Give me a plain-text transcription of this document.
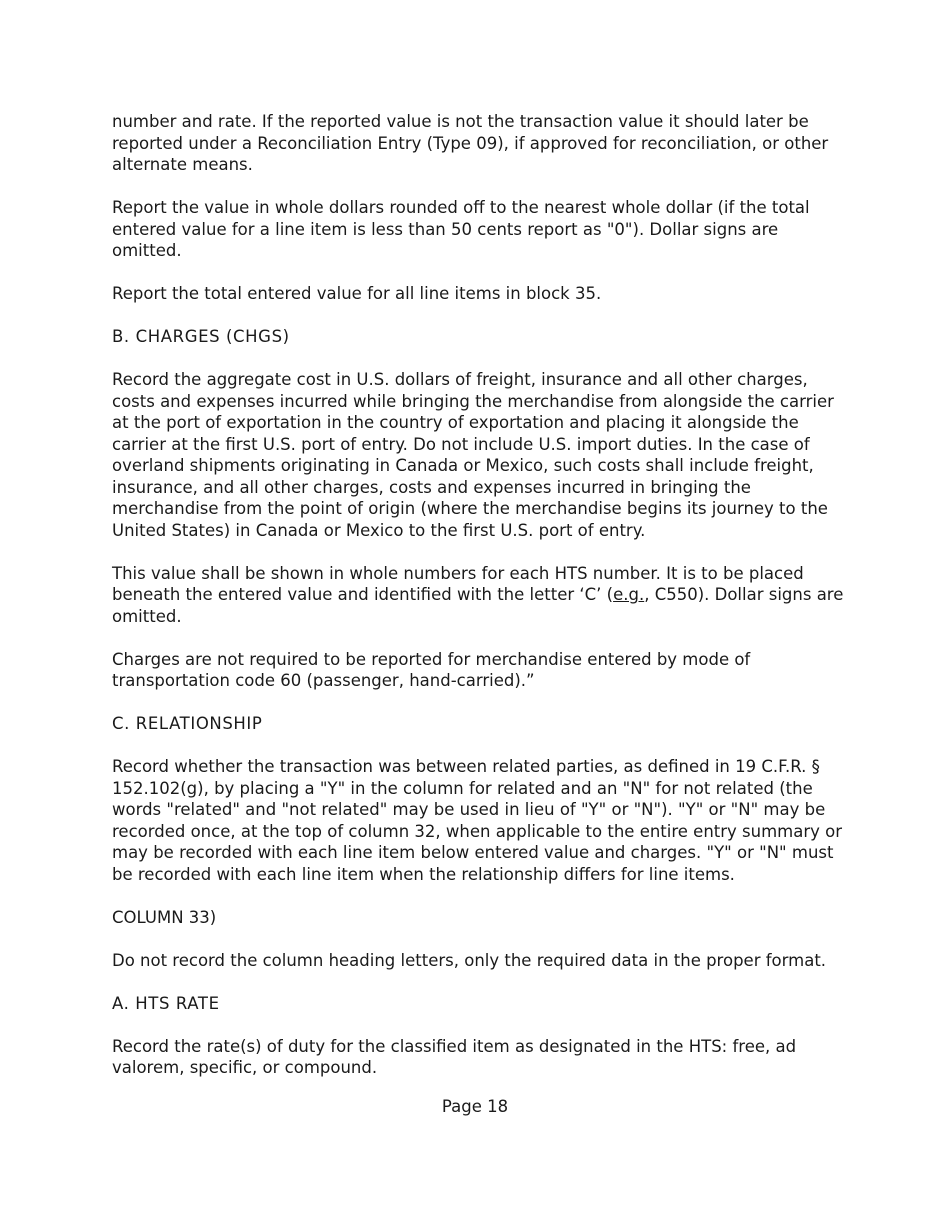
number and rate. If the reported value is not the transaction value it should later be reported under a Reconciliation Entry (Type 09), if approved for reconciliation, or other alternate means.

Report the value in whole dollars rounded off to the nearest whole dollar (if the total entered value for a line item is less than 50 cents report as "0"). Dollar signs are omitted.

Report the total entered value for all line items in block 35.

B. CHARGES (CHGS)

Record the aggregate cost in U.S. dollars of freight, insurance and all other charges, costs and expenses incurred while bringing the merchandise from alongside the carrier at the port of exportation in the country of exportation and placing it alongside the carrier at the first U.S. port of entry. Do not include U.S. import duties. In the case of overland shipments originating in Canada or Mexico, such costs shall include freight, insurance, and all other charges, costs and expenses incurred in bringing the merchandise from the point of origin (where the merchandise begins its journey to the United States) in Canada or Mexico to the first U.S. port of entry.

This value shall be shown in whole numbers for each HTS number. It is to be placed beneath the entered value and identified with the letter ‘C’ (e.g., C550). Dollar signs are omitted.

Charges are not required to be reported for merchandise entered by mode of transportation code 60 (passenger, hand-carried).”

C. RELATIONSHIP

Record whether the transaction was between related parties, as defined in 19 C.F.R. § 152.102(g), by placing a "Y" in the column for related and an "N" for not related (the words "related" and "not related" may be used in lieu of "Y" or "N"). "Y" or "N" may be recorded once, at the top of column 32, when applicable to the entire entry summary or may be recorded with each line item below entered value and charges. "Y" or "N" must be recorded with each line item when the relationship differs for line items.

COLUMN 33)

Do not record the column heading letters, only the required data in the proper format.

A. HTS RATE

Record the rate(s) of duty for the classified item as designated in the HTS: free, ad valorem, specific, or compound.

Page 18
